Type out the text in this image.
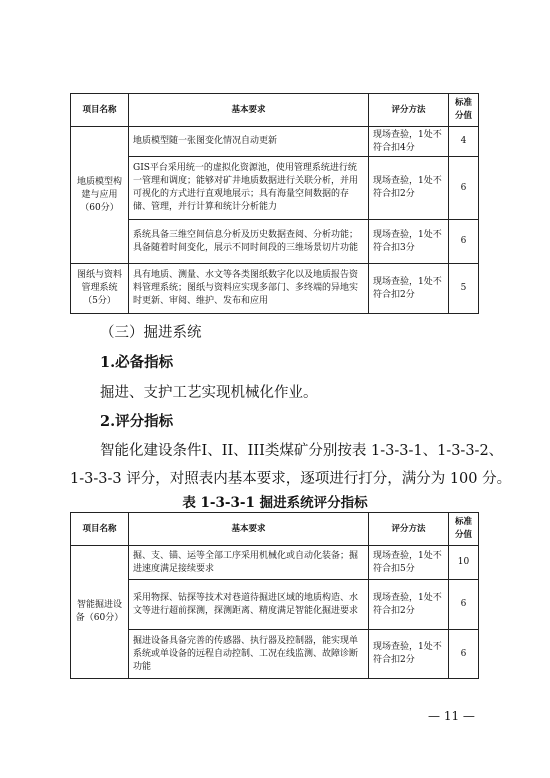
项目名称	基本要求	评分方法	标准分值
地质模型构建与应用（60分）	地质模型随一张图变化情况自动更新	现场查验，1处不符合扣4分	4
	GIS平台采用统一的虚拟化资源池，使用管理系统进行统一管理和调度；能够对矿井地质数据进行关联分析，并用可视化的方式进行直观地展示；具有海量空间数据的存储、管理，并行计算和统计分析能力	现场查验，1处不符合扣2分	6
	系统具备三维空间信息分析及历史数据查阅、分析功能；具备随着时间变化，展示不同时间段的三维场景切片功能	现场查验，1处不符合扣3分	6
图纸与资料管理系统（5分）	具有地质、测量、水文等各类图纸数字化以及地质报告资料管理系统；图纸与资料应实现多部门、多终端的异地实时更新、审阅、维护、发布和应用	现场查验，1处不符合扣2分	5
（三）掘进系统
1.必备指标
掘进、支护工艺实现机械化作业。
2.评分指标
智能化建设条件I、II、III类煤矿分别按表 1-3-3-1、1-3-3-2、
1-3-3-3 评分，对照表内基本要求，逐项进行打分，满分为 100 分。
表 1-3-3-1 掘进系统评分指标
项目名称	基本要求	评分方法	标准分值
智能掘进设备（60分）	掘、支、锚、运等全部工序采用机械化或自动化装备；掘进速度满足接续要求	现场查验，1处不符合扣5分	10
	采用物探、钻探等技术对巷道待掘进区域的地质构造、水文等进行超前探测，探测距离、精度满足智能化掘进要求	现场查验，1处不符合扣2分	6
	掘进设备具备完善的传感器、执行器及控制器，能实现单系统或单设备的远程自动控制、工况在线监测、故障诊断功能	现场查验，1处不符合扣2分	6
— 11 —
